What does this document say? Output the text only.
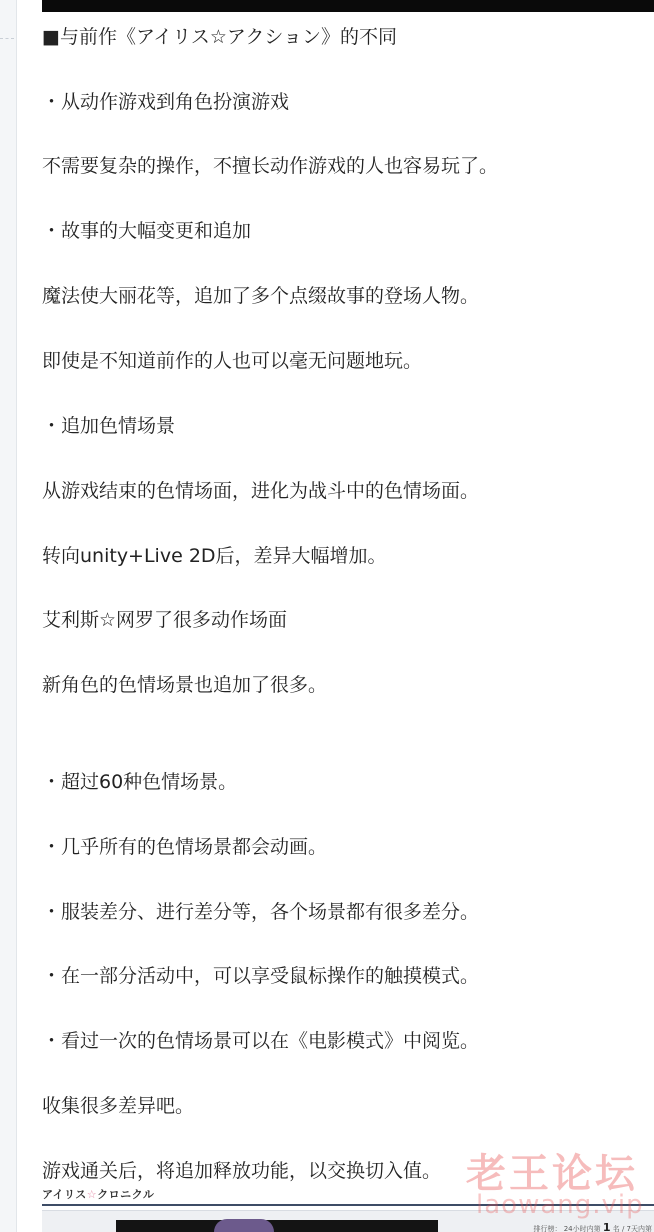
■与前作《アイリス☆アクション》的不同
・从动作游戏到角色扮演游戏
不需要复杂的操作，不擅长动作游戏的人也容易玩了。
・故事的大幅变更和追加
魔法使大丽花等，追加了多个点缀故事的登场人物。
即使是不知道前作的人也可以毫无问题地玩。
・追加色情场景
从游戏结束的色情场面，进化为战斗中的色情场面。
转向unity+Live 2D后，差异大幅增加。
艾利斯☆网罗了很多动作场面
新角色的色情场景也追加了很多。
・超过60种色情场景。
・几乎所有的色情场景都会动画。
・服装差分、进行差分等，各个场景都有很多差分。
・在一部分活动中，可以享受鼠标操作的触摸模式。
・看过一次的色情场景可以在《电影模式》中阅览。
收集很多差异吧。
游戏通关后，将追加释放功能，以交换切入值。
アイリス☆クロニクル
排行榜： 24小时内第 1 名 / 7天内第
老王论坛
laowang.vip
